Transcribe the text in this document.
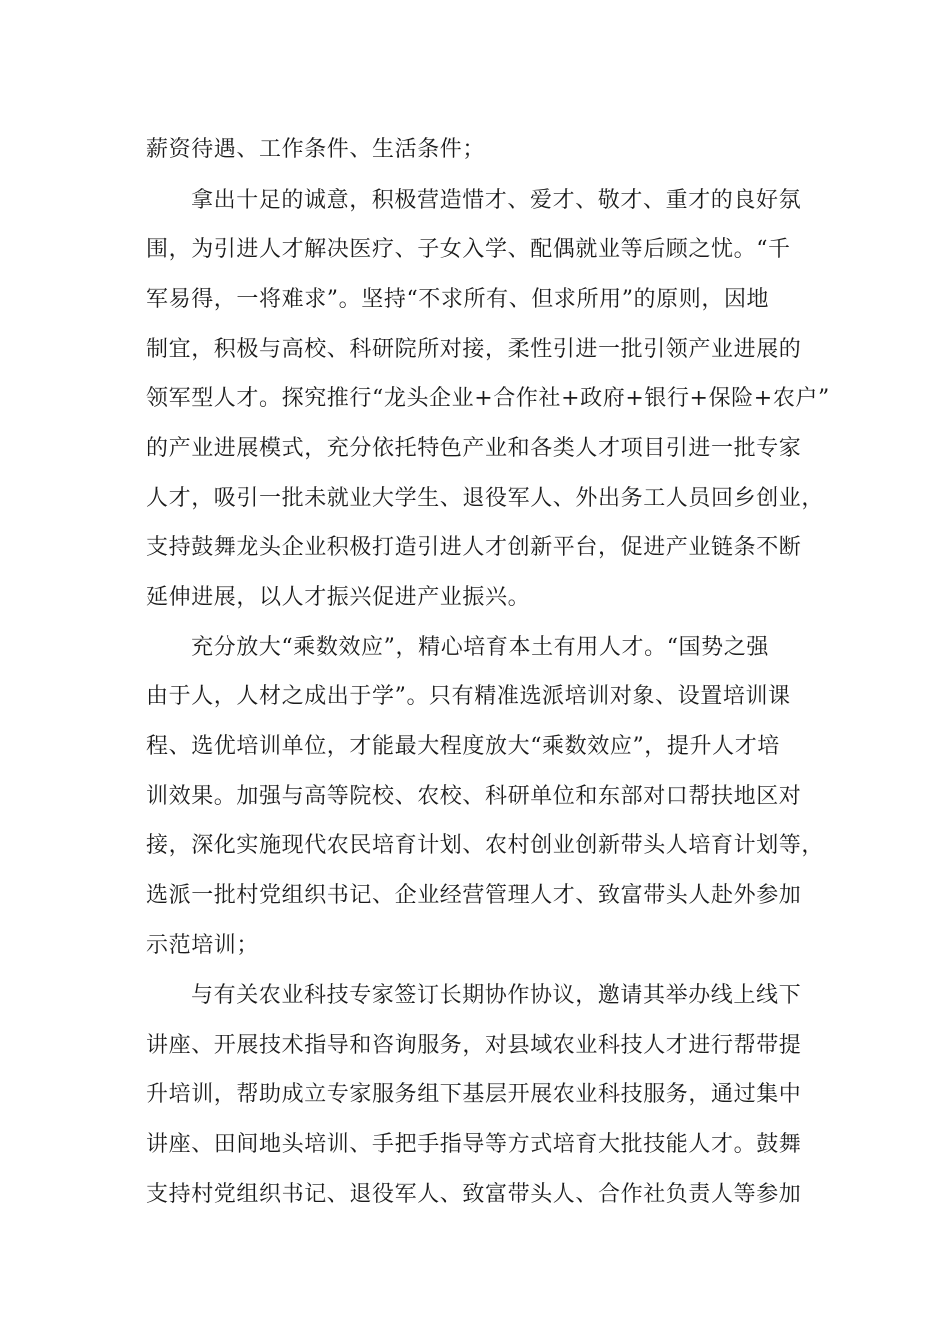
薪资待遇、工作条件、生活条件；
拿出十足的诚意，积极营造惜才、爱才、敬才、重才的良好氛
围，为引进人才解决医疗、子女入学、配偶就业等后顾之忧。“千
军易得，一将难求”。坚持“不求所有、但求所用”的原则，因地
制宜，积极与高校、科研院所对接，柔性引进一批引领产业进展的
领军型人才。探究推行“龙头企业+合作社+政府+银行+保险+农户”
的产业进展模式，充分依托特色产业和各类人才项目引进一批专家
人才，吸引一批未就业大学生、退役军人、外出务工人员回乡创业，
支持鼓舞龙头企业积极打造引进人才创新平台，促进产业链条不断
延伸进展，以人才振兴促进产业振兴。
充分放大“乘数效应”，精心培育本土有用人才。“国势之强
由于人，人材之成出于学”。只有精准选派培训对象、设置培训课
程、选优培训单位，才能最大程度放大“乘数效应”，提升人才培
训效果。加强与高等院校、农校、科研单位和东部对口帮扶地区对
接，深化实施现代农民培育计划、农村创业创新带头人培育计划等，
选派一批村党组织书记、企业经营管理人才、致富带头人赴外参加
示范培训；
与有关农业科技专家签订长期协作协议，邀请其举办线上线下
讲座、开展技术指导和咨询服务，对县域农业科技人才进行帮带提
升培训，帮助成立专家服务组下基层开展农业科技服务，通过集中
讲座、田间地头培训、手把手指导等方式培育大批技能人才。鼓舞
支持村党组织书记、退役军人、致富带头人、合作社负责人等参加
